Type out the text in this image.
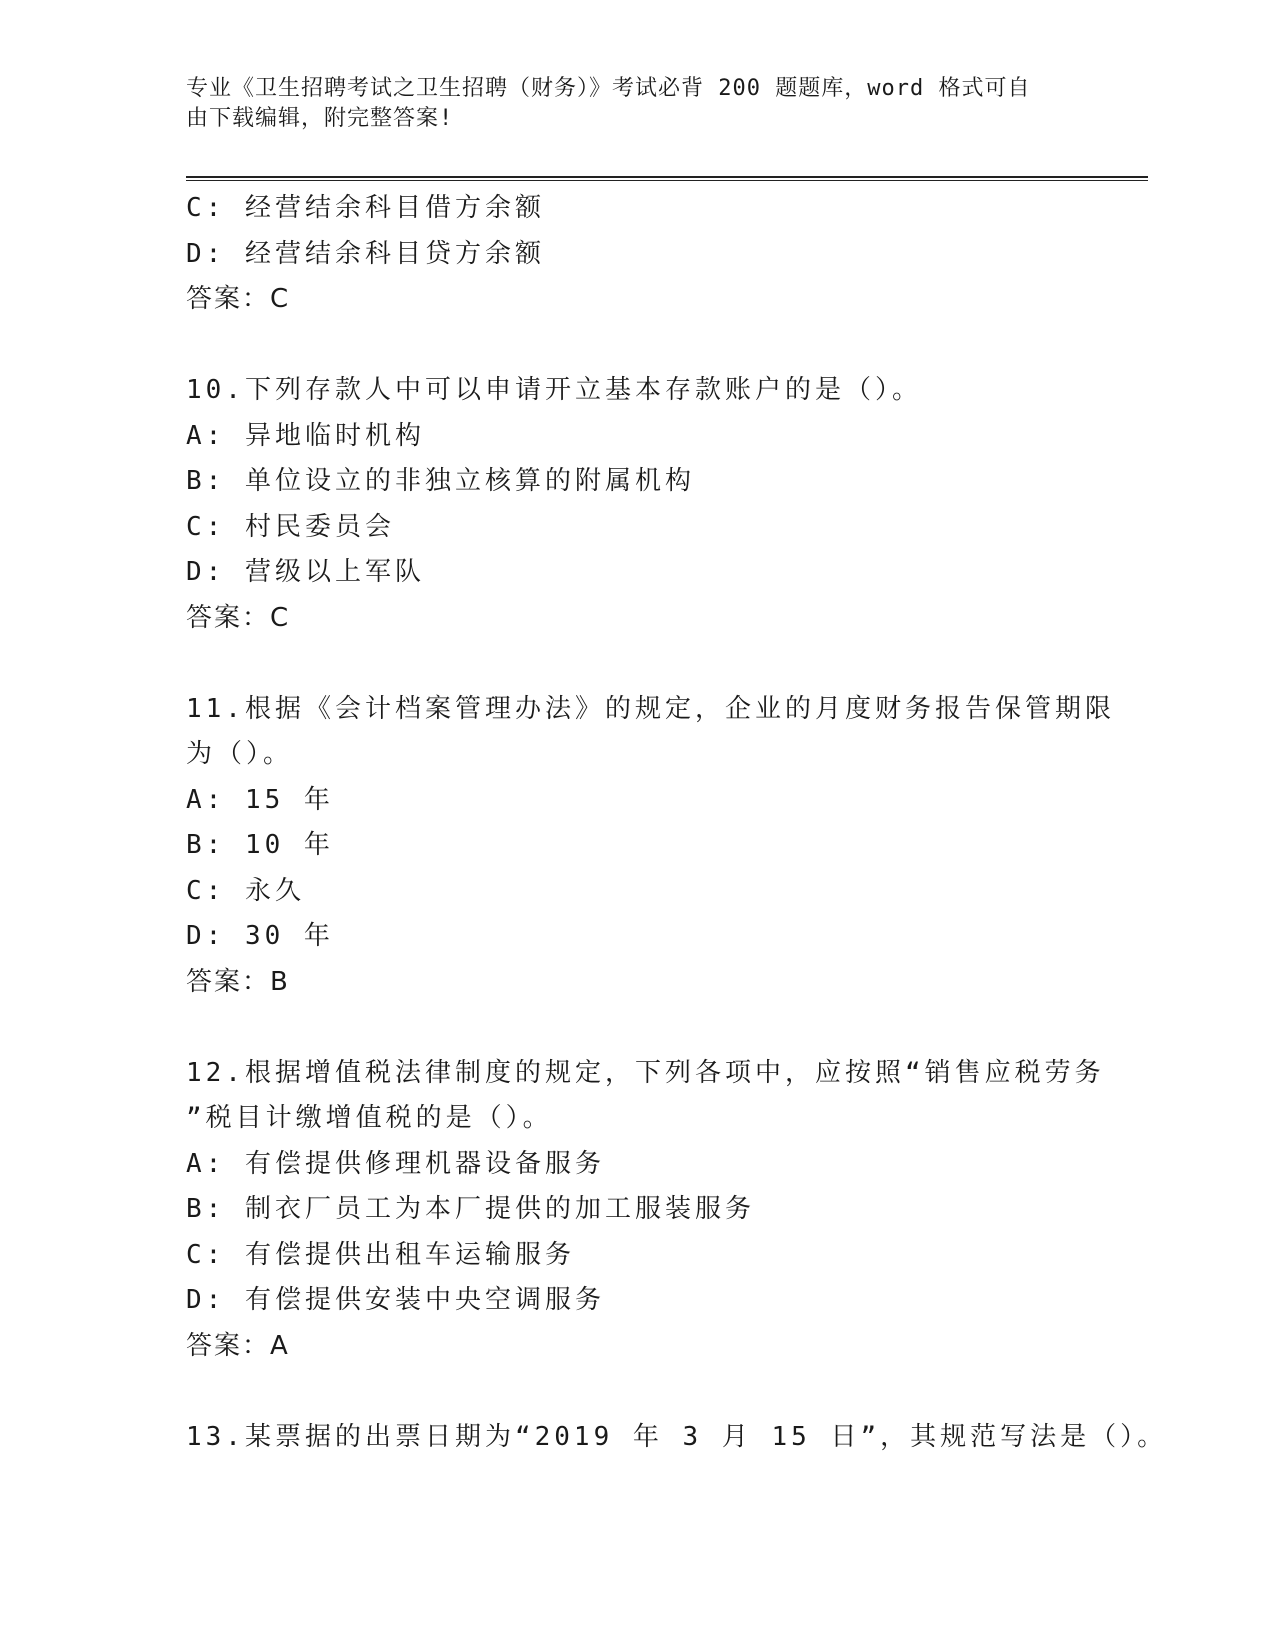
专业《卫生招聘考试之卫生招聘（财务）》考试必背 200 题题库，word 格式可自
由下载编辑，附完整答案!
C: 经营结余科目借方余额
D: 经营结余科目贷方余额
答案：C
10.下列存款人中可以申请开立基本存款账户的是（）。
A: 异地临时机构
B: 单位设立的非独立核算的附属机构
C: 村民委员会
D: 营级以上军队
答案：C
11.根据《会计档案管理办法》的规定，企业的月度财务报告保管期限
为（）。
A: 15 年
B: 10 年
C: 永久
D: 30 年
答案：B
12.根据增值税法律制度的规定，下列各项中，应按照“销售应税劳务
”税目计缴增值税的是（）。
A: 有偿提供修理机器设备服务
B: 制衣厂员工为本厂提供的加工服装服务
C: 有偿提供出租车运输服务
D: 有偿提供安装中央空调服务
答案：A
13.某票据的出票日期为“2019 年 3 月 15 日”，其规范写法是（）。
